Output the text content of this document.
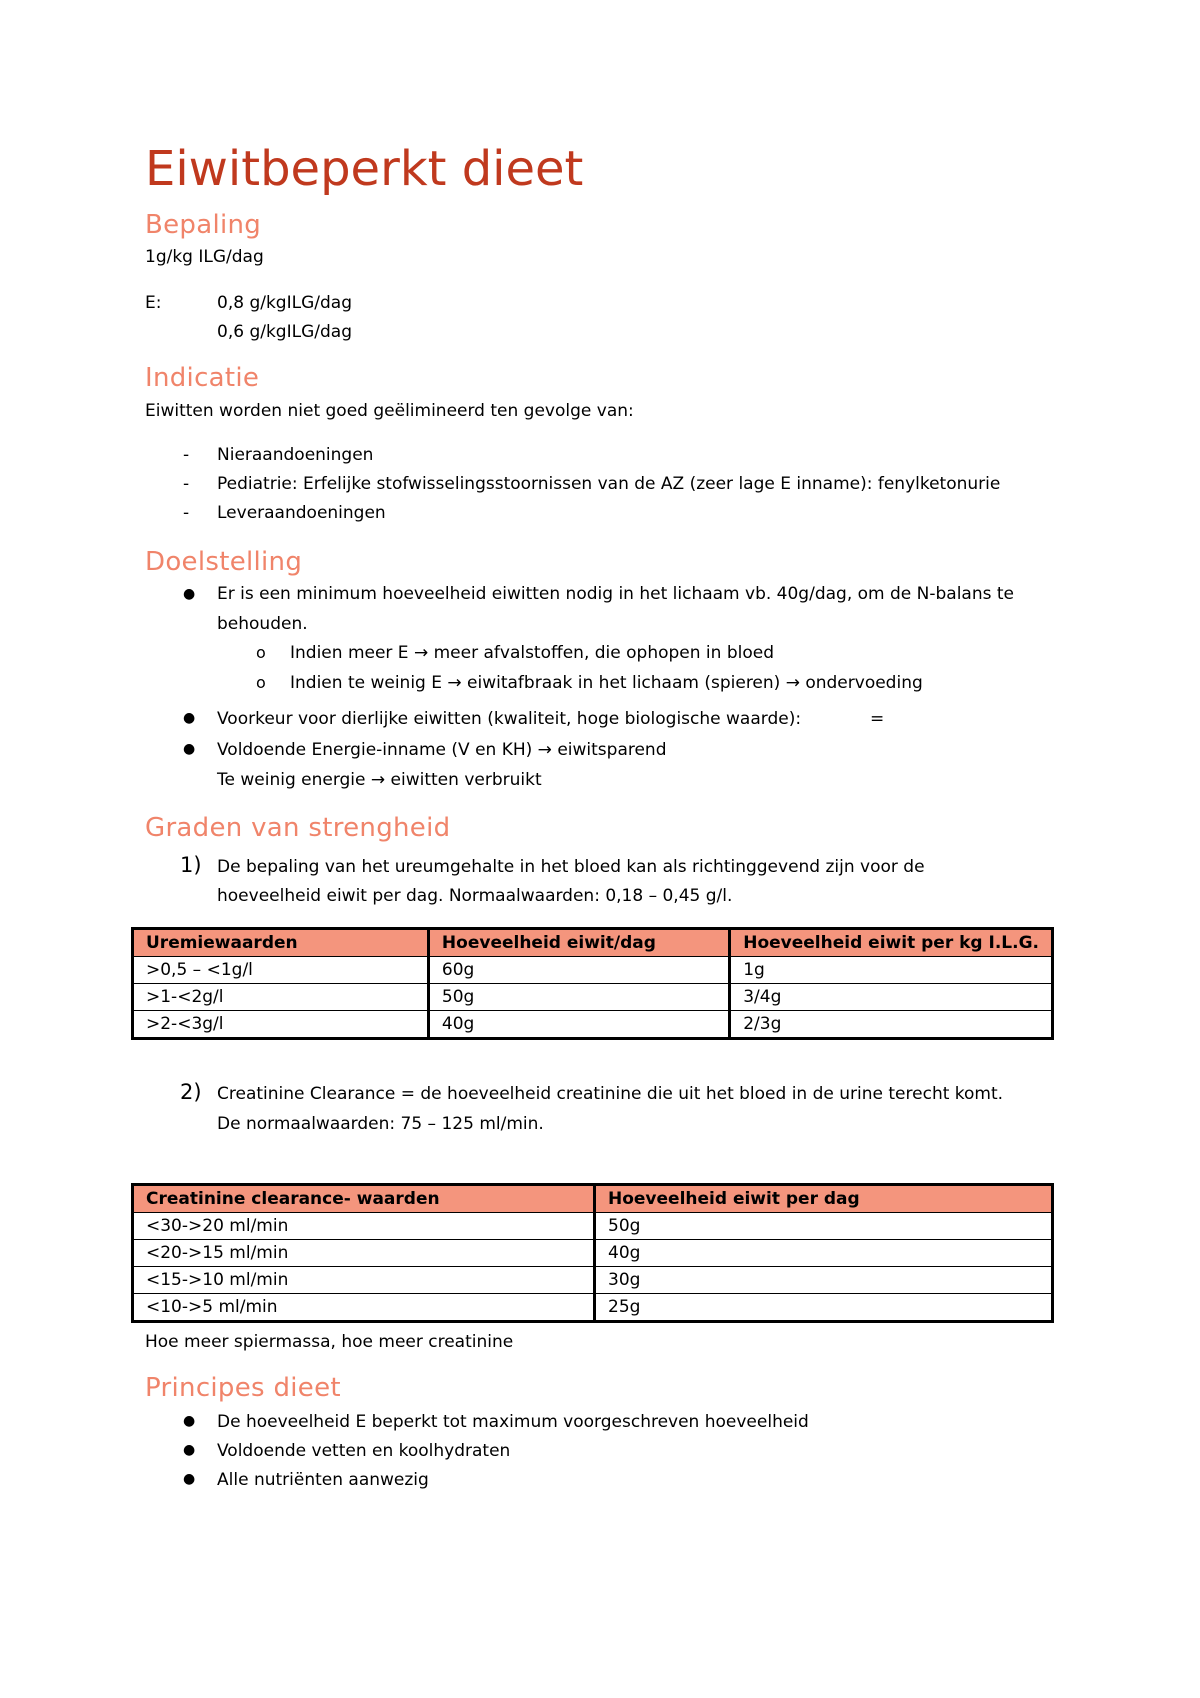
Eiwitbeperkt dieet
Bepaling
1g/kg ILG/dag
E:	0,8 g/kgILG/dag
0,6 g/kgILG/dag
Indicatie
Eiwitten worden niet goed geëlimineerd ten gevolge van:
- Nieraandoeningen
- Pediatrie: Erfelijke stofwisselingsstoornissen van de AZ (zeer lage E inname): fenylketonurie
- Leveraandoeningen
Doelstelling
● Er is een minimum hoeveelheid eiwitten nodig in het lichaam vb. 40g/dag, om de N-balans te
behouden.
o Indien meer E → meer afvalstoffen, die ophopen in bloed
o Indien te weinig E → eiwitafbraak in het lichaam (spieren) → ondervoeding
● Voorkeur voor dierlijke eiwitten (kwaliteit, hoge biologische waarde):	=
● Voldoende Energie-inname (V en KH) → eiwitsparend
Te weinig energie → eiwitten verbruikt
Graden van strengheid
1) De bepaling van het ureumgehalte in het bloed kan als richtinggevend zijn voor de
hoeveelheid eiwit per dag. Normaalwaarden: 0,18 – 0,45 g/l.
Uremiewaarden	Hoeveelheid eiwit/dag	Hoeveelheid eiwit per kg I.L.G.
>0,5 – <1g/l	60g	1g
>1-<2g/l	50g	3/4g
>2-<3g/l	40g	2/3g
2) Creatinine Clearance = de hoeveelheid creatinine die uit het bloed in de urine terecht komt.
De normaalwaarden: 75 – 125 ml/min.
Creatinine clearance- waarden	Hoeveelheid eiwit per dag
<30->20 ml/min	50g
<20->15 ml/min	40g
<15->10 ml/min	30g
<10->5 ml/min	25g
Hoe meer spiermassa, hoe meer creatinine
Principes dieet
● De hoeveelheid E beperkt tot maximum voorgeschreven hoeveelheid
● Voldoende vetten en koolhydraten
● Alle nutriënten aanwezig
